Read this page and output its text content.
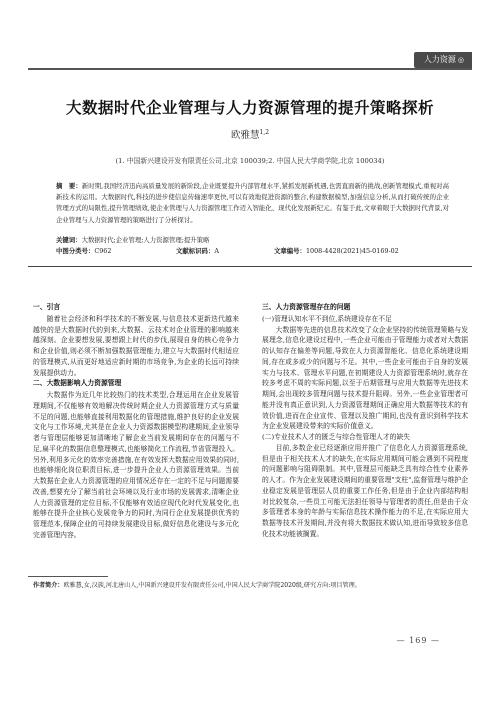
人力资源 ◎
大数据时代企业管理与人力资源管理的提升策略探析
欧雅慧$^{1,2}$
(1. 中国新兴建设开发有限责任公司,北京 100039;2. 中国人民大学商学院,北京 100034)
摘　要：新时期,我国经济迅向高质量发展的新阶段,企业既要提升内部管理水平,紧抓发展新机遇,也需直面新的挑战,创新管理模式,重视对高新技术的运用。大数据时代,科技的进步使信息传输速率更快,可以有效地促进资源的整合,构建数据模型,加强信息分析,从而打破传统的企业管理方式的局限性,提升管理绩效,使企业管理与人力资源管理工作迈入智能化、现代化发展新纪元。有鉴于此,文章着眼于大数据时代背景,对企业管理与人力资源管理的策略进行了分析探讨。
关键词：大数据时代;企业管理;人力资源管理;提升策略
中图分类号：C962	文献标识码：A	文章编号：1008-4428(2021)45-0169-02
一、引言

随着社会经济和科学技术的不断发展,与信息技术更新迭代越来越快的是大数据时代的到来,大数据、云技术对企业管理的影响越来越深刻。企业要想发展,要想跟上时代的步伐,展现自身的核心竞争力和企业价值,则必须不断加强数据管理能力,建立与大数据时代相适应的管理模式,从而更好地适应新时期的市场竞争,为企业的长远可持续发展提供动力。

二、大数据影响人力资源管理

大数据作为近几年比较热门的技术类型,合理运用在企业发展管理期间,不仅能够有效地解决传统时期企业人力资源管理方式与质量不足的问题,也能够直接利用数据化的管理措施,维护良好的企业发展文化与工作环境,尤其是在企业人力资源数据模型构建期间,企业领导者与管理层能够更加清晰地了解企业当前发展期间存在的问题与不足,扁平化的数据信息整理模式,也能够简化工作流程,节省管理投入。另外,利用多元化的效率完善措施,在有效发挥大数据应用效果的同时,也能够细化岗位职责目标,进一步提升企业人力资源管理效果。当前大数据在企业人力资源管理的应用情况还存在一定的不足与问题需要改善,想要充分了解当前社会环境以及行业市场的发展需求,清晰企业人力资源管理的定位目标,不仅能够有效适应现代化时代发展变化,也能够在提升企业核心发展竞争力的同时,为同行企业发展提供优秀的管理范本,保障企业的可持续发展建设目标,做好信息化建设与多元化完善管理内容。

三、人力资源管理存在的问题
(一)管理认知水平不到位,系统建设存在不足

大数据等先进的信息技术改变了众企业坚持的传统管理策略与发展理念,信息化建设过程中,一些企业可能由于管理能力或者对大数据的认知存在偏差等问题,导致在人力资源智能化、信息化系统建设期间,存在或多或少的问题与不足。其中,一些企业可能由于自身的发展实力与技术、管理水平问题,在初期建设人力资源管理系统时,就存在较多考虑不周的实际问题,以至于后期管理与应用大数据等先进技术期间,会出现较多管理问题与技术提升阻碍。另外,一些企业管理者可能并没有真正意识到,人力资源管理期间正确应用大数据等技术的有效价值,进而在企业宣传、管理以及推广期间,也没有意识到科学技术为企业发展建设带来的实际价值意义。

(二)专业技术人才的匮乏与综合性管理人才的缺失

目前,多数企业已经逐渐应用并推广了信息化人力资源管理系统,但是由于相关技术人才的缺失,在实际应用期间可能会遇到不同程度的问题影响与阻碍限制。其中,管理层可能缺乏具有综合性专业素养的人才。作为企业发展建设期间的重要管理"支柱",监督管理与维护企业稳定发展是管理层人员的重要工作任务,但是由于企业内部结构相对比较复杂,一些员工可能无法担任领导与管理者的责任,但是由于众多管理者本身的年龄与实际信息技术操作能力的不足,在实际应用大数据等技术开发期间,并没有将大数据技术做认知,进而导致较多信息化技术功能被搁置。

作者简介：欧雅慧,女,汉族,河北唐山人,中国新兴建设开发有限责任公司,中国人民大学商学院2020级,研究方向:项目管理。
— 169 —
